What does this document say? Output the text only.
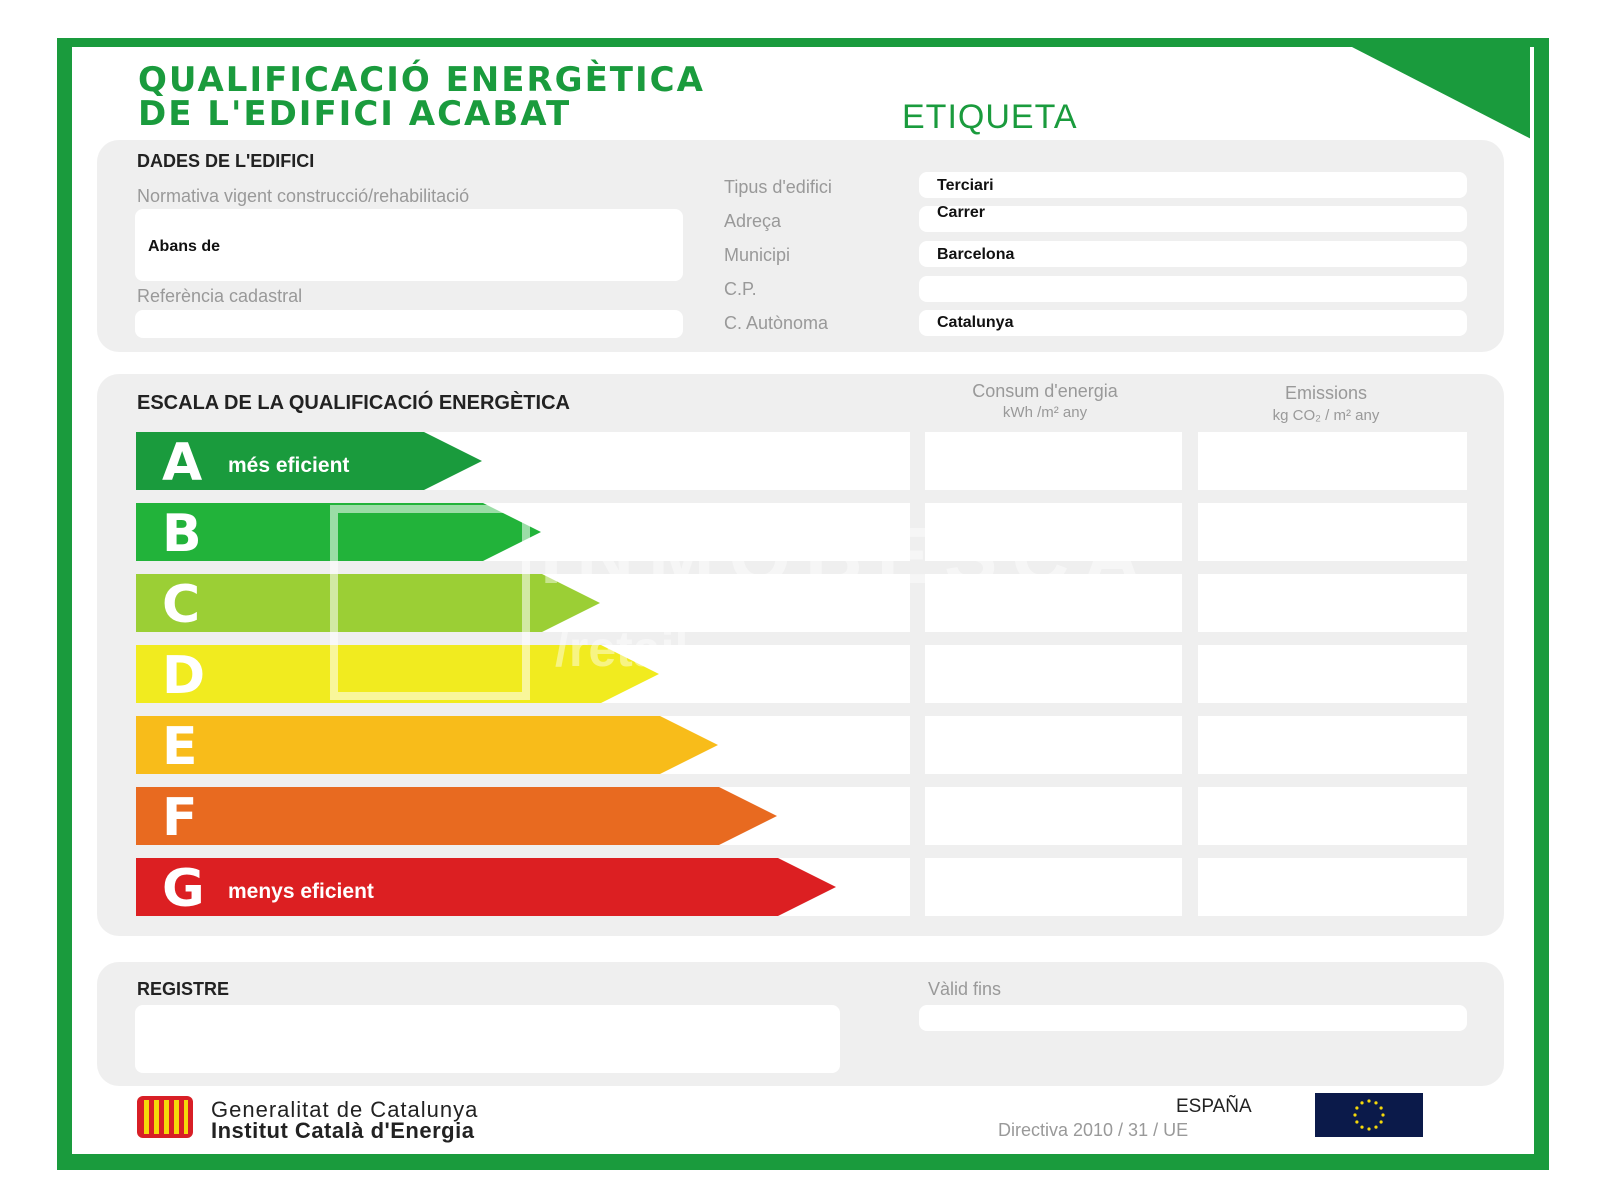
QUALIFICACIÓ ENERGÈTICA
DE L'EDIFICI ACABAT	ETIQUETA
DADES DE L'EDIFICI
Normativa vigent construcció/rehabilitació
Abans de
Referència cadastral
Tipus d'edifici	Terciari
Adreça	Carrer
Municipi	Barcelona
C.P.
C. Autònoma	Catalunya
ESCALA DE LA QUALIFICACIÓ ENERGÈTICA
Consum d'energia
kWh /m² any
Emissions
kg CO₂ / m² any
A més eficient
B
C
D
E
F
G menys eficient
REGISTRE	Vàlid fins
Generalitat de Catalunya
Institut Català d'Energia
ESPAÑA
Directiva 2010 / 31 / UE
INMOBESCA
/retail
